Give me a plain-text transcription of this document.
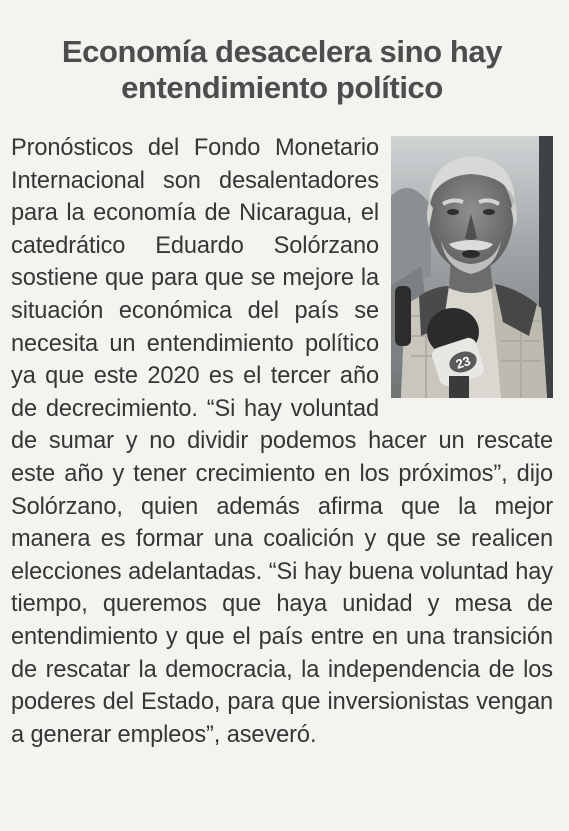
Economía desacelera sino hay
entendimiento político
23

Pronósticos del Fondo Monetario Internacional son desalentadores para la economía de Nicaragua, el catedrático Eduardo Solórzano sostiene que para que se mejore la situación económica del país se necesita un entendimiento político ya que este 2020 es el tercer año de decrecimiento. “Si hay voluntad de sumar y no dividir podemos hacer un rescate este año y tener crecimiento en los próximos”, dijo Solórzano, quien además afirma que la mejor manera es formar una coalición y que se realicen elecciones adelantadas. “Si hay buena voluntad hay tiempo, queremos que haya unidad y mesa de entendimiento y que el país entre en una transición de rescatar la democracia, la independencia de los poderes del Estado, para que inversionistas vengan a generar empleos”, aseveró.
